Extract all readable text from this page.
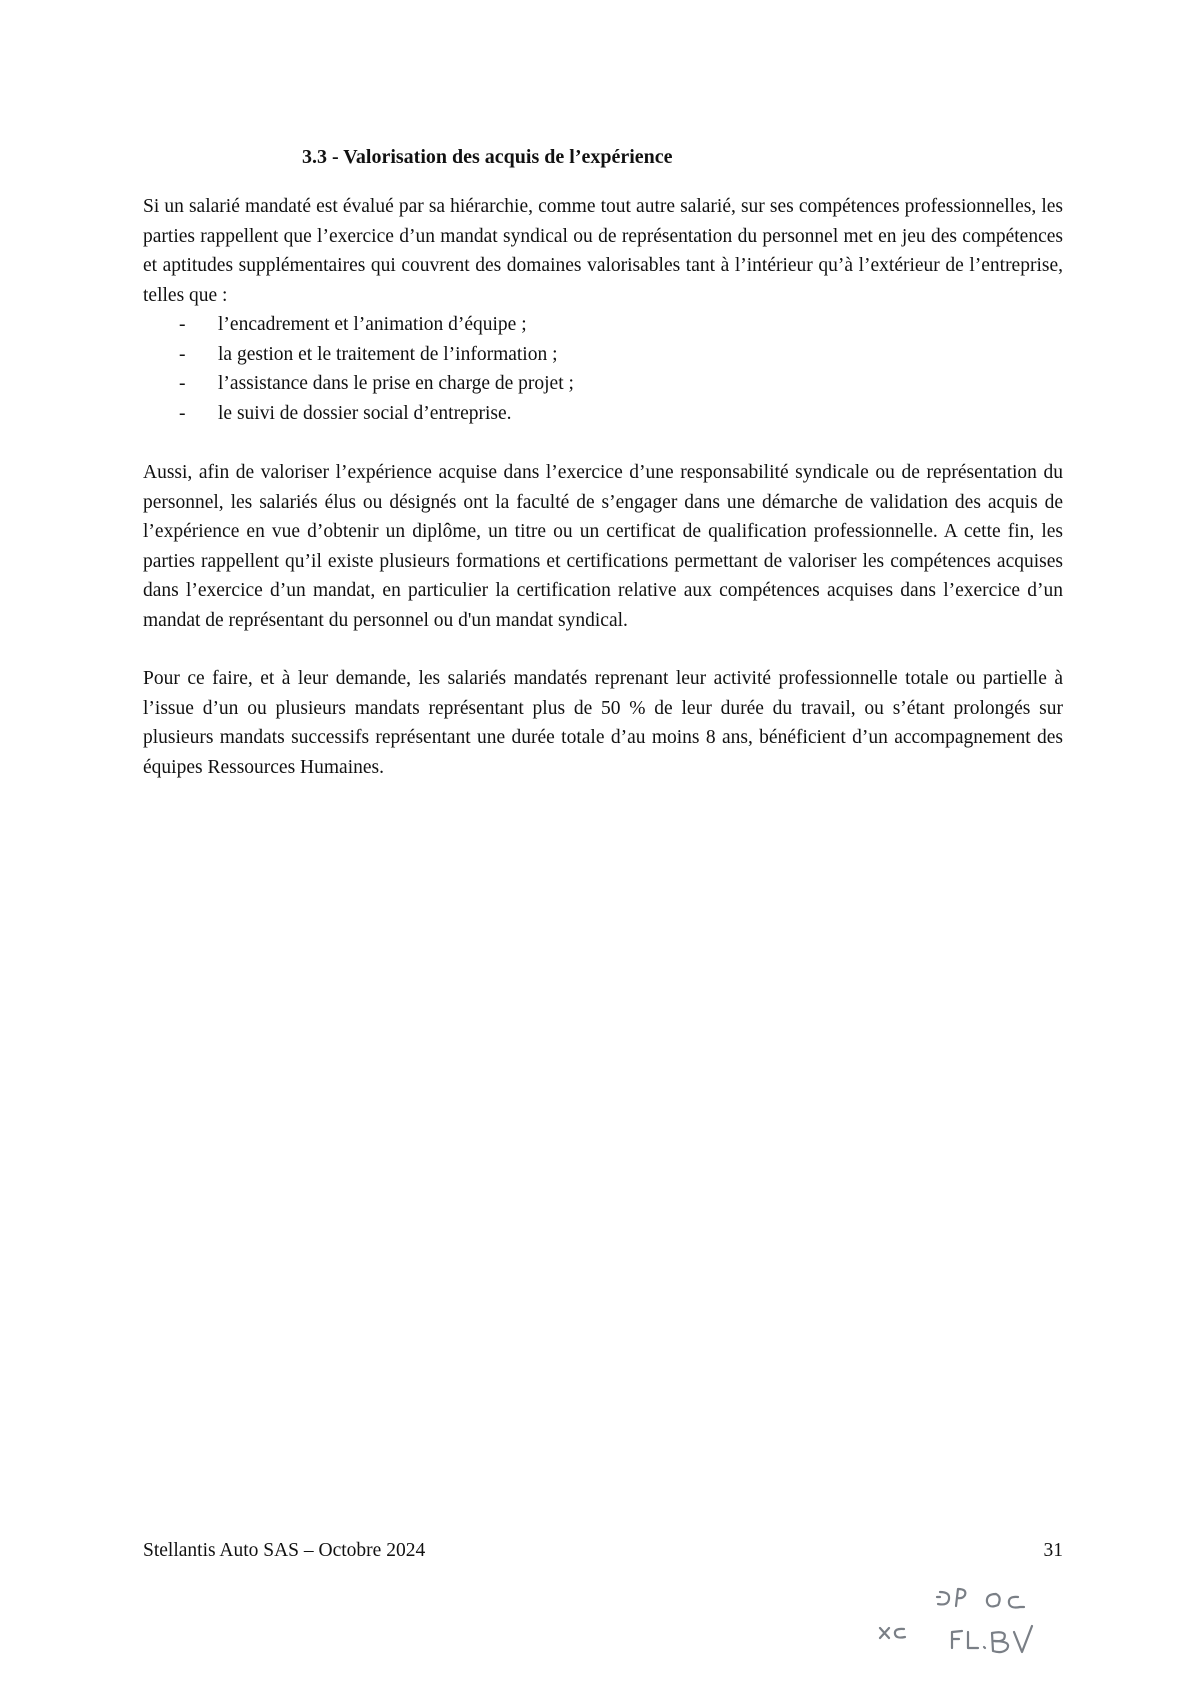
3.3 - Valorisation des acquis de l’expérience

Si un salarié mandaté est évalué par sa hiérarchie, comme tout autre salarié, sur ses compétences professionnelles, les parties rappellent que l’exercice d’un mandat syndical ou de représentation du personnel met en jeu des compétences et aptitudes supplémentaires qui couvrent des domaines valorisables tant à l’intérieur qu’à l’extérieur de l’entreprise, telles que :

- l’encadrement et l’animation d’équipe ;
- la gestion et le traitement de l’information ;
- l’assistance dans le prise en charge de projet ;
- le suivi de dossier social d’entreprise.

Aussi, afin de valoriser l’expérience acquise dans l’exercice d’une responsabilité syndicale ou de représentation du personnel, les salariés élus ou désignés ont la faculté de s’engager dans une démarche de validation des acquis de l’expérience en vue d’obtenir un diplôme, un titre ou un certificat de qualification professionnelle. A cette fin, les parties rappellent qu’il existe plusieurs formations et certifications permettant de valoriser les compétences acquises dans l’exercice d’un mandat, en particulier la certification relative aux compétences acquises dans l’exercice d’un mandat de représentant du personnel ou d'un mandat syndical.

Pour ce faire, et à leur demande, les salariés mandatés reprenant leur activité professionnelle totale ou partielle à l’issue d’un ou plusieurs mandats représentant plus de 50 % de leur durée du travail, ou s’étant prolongés sur plusieurs mandats successifs représentant une durée totale d’au moins 8 ans, bénéficient d’un accompagnement des équipes Ressources Humaines.

Stellantis Auto SAS – Octobre 2024	31
